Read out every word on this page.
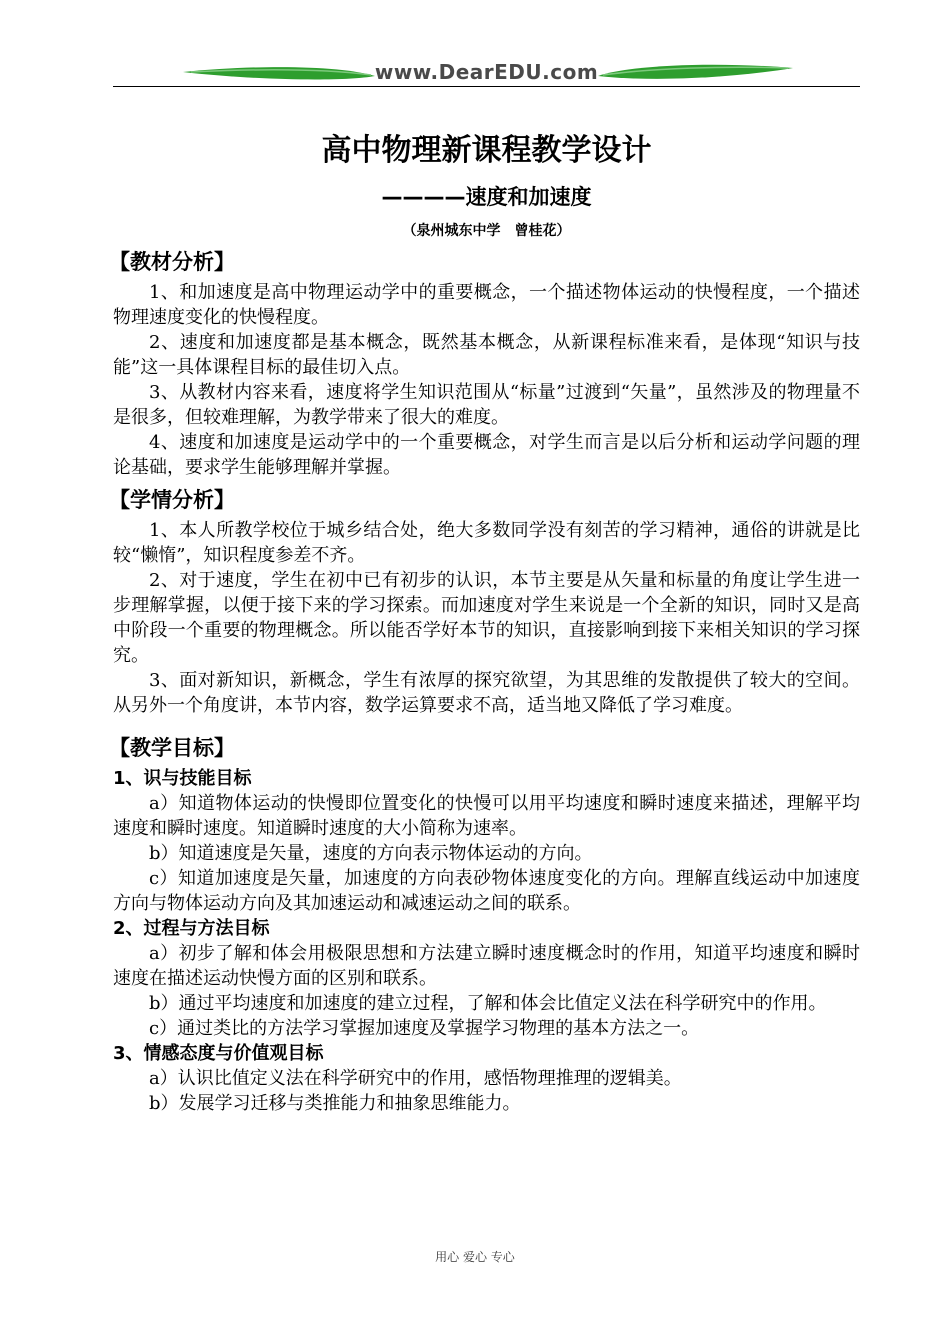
www.DearEDU.com
高中物理新课程教学设计
————速度和加速度
（泉州城东中学　曾桂花）
【教材分析】

1、和加速度是高中物理运动学中的重要概念，一个描述物体运动的快慢程度，一个描述物理速度变化的快慢程度。

2、速度和加速度都是基本概念，既然基本概念，从新课程标准来看，是体现“知识与技能”这一具体课程目标的最佳切入点。

3、从教材内容来看，速度将学生知识范围从“标量”过渡到“矢量”，虽然涉及的物理量不是很多，但较难理解，为教学带来了很大的难度。

4、速度和加速度是运动学中的一个重要概念，对学生而言是以后分析和运动学问题的理论基础，要求学生能够理解并掌握。

【学情分析】

1、本人所教学校位于城乡结合处，绝大多数同学没有刻苦的学习精神，通俗的讲就是比较“懒惰”，知识程度参差不齐。

2、对于速度，学生在初中已有初步的认识，本节主要是从矢量和标量的角度让学生进一步理解掌握，以便于接下来的学习探索。而加速度对学生来说是一个全新的知识，同时又是高中阶段一个重要的物理概念。所以能否学好本节的知识，直接影响到接下来相关知识的学习探究。

3、面对新知识，新概念，学生有浓厚的探究欲望，为其思维的发散提供了较大的空间。从另外一个角度讲，本节内容，数学运算要求不高，适当地又降低了学习难度。

【教学目标】
1、识与技能目标

a）知道物体运动的快慢即位置变化的快慢可以用平均速度和瞬时速度来描述，理解平均速度和瞬时速度。知道瞬时速度的大小简称为速率。

b）知道速度是矢量，速度的方向表示物体运动的方向。

c）知道加速度是矢量，加速度的方向表砂物体速度变化的方向。理解直线运动中加速度方向与物体运动方向及其加速运动和减速运动之间的联系。

2、过程与方法目标

a）初步了解和体会用极限思想和方法建立瞬时速度概念时的作用，知道平均速度和瞬时速度在描述运动快慢方面的区别和联系。

b）通过平均速度和加速度的建立过程，了解和体会比值定义法在科学研究中的作用。

c）通过类比的方法学习掌握加速度及掌握学习物理的基本方法之一。

3、情感态度与价值观目标

a）认识比值定义法在科学研究中的作用，感悟物理推理的逻辑美。

b）发展学习迁移与类推能力和抽象思维能力。

用心 爱心 专心
